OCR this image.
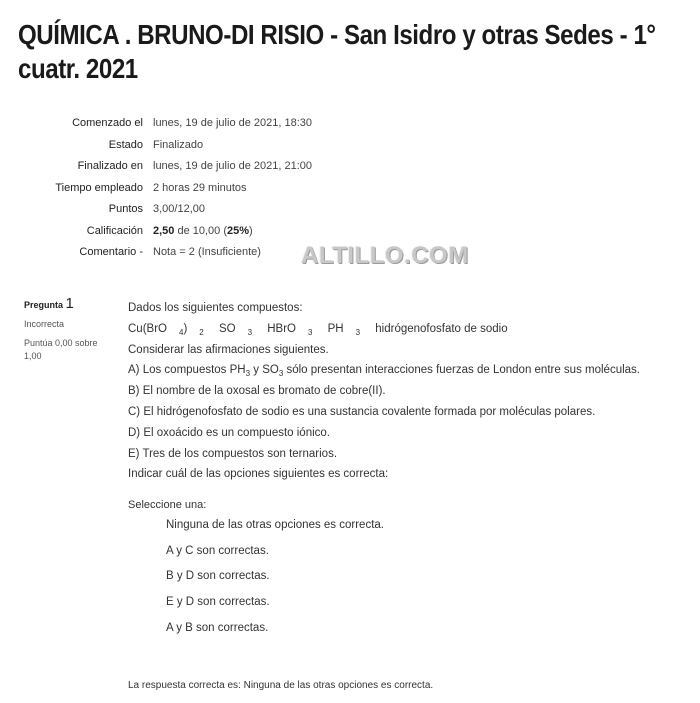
QUÍMICA . BRUNO-DI RISIO - San Isidro y otras Sedes - 1° cuatr. 2021
Comenzado el lunes, 19 de julio de 2021, 18:30
Estado Finalizado
Finalizado en lunes, 19 de julio de 2021, 21:00
Tiempo empleado 2 horas 29 minutos
Puntos 3,00/12,00
Calificación 2,50 de 10,00 (25%)
Comentario - Nota = 2 (Insuficiente) ALTILLO.COM
Pregunta 1
Incorrecta
Puntúa 0,00 sobre 1,00
Dados los siguientes compuestos:
Cu(BrO $_4$) $_2$ SO $_3$ HBrO $_3$ PH $_3$ hidrógenofosfato de sodio
Considerar las afirmaciones siguientes.
A) Los compuestos $PH_3$ y $SO_3$ sólo presentan interacciones fuerzas de London entre sus moléculas.
B) El nombre de la oxosal es bromato de cobre(II).
C) El hidrógenofosfato de sodio es una sustancia covalente formada por moléculas polares.
D) El oxoácido es un compuesto iónico.
E) Tres de los compuestos son ternarios.
Indicar cuál de las opciones siguientes es correcta:
Seleccione una:
Ninguna de las otras opciones es correcta.
A y C son correctas.
B y D son correctas.
E y D son correctas.
A y B son correctas.
La respuesta correcta es: Ninguna de las otras opciones es correcta.
